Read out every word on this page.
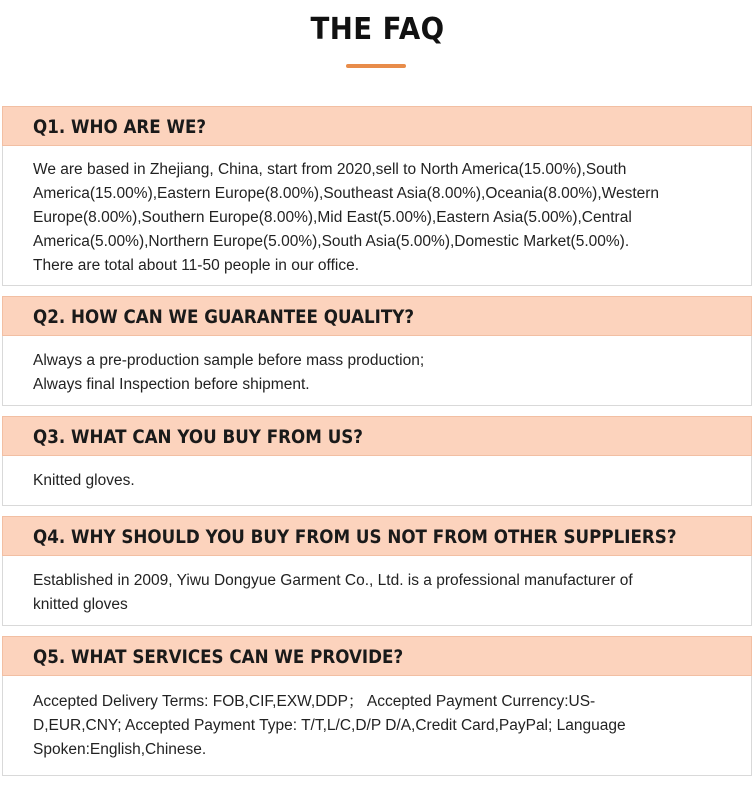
THE FAQ
Q1. WHO ARE WE?
We are based in Zhejiang, China, start from 2020,sell to North America(15.00%),South
America(15.00%),Eastern Europe(8.00%),Southeast Asia(8.00%),Oceania(8.00%),Western
Europe(8.00%),Southern Europe(8.00%),Mid East(5.00%),Eastern Asia(5.00%),Central
America(5.00%),Northern Europe(5.00%),South Asia(5.00%),Domestic Market(5.00%).
There are total about 11-50 people in our office.
Q2. HOW CAN WE GUARANTEE QUALITY?
Always a pre-production sample before mass production;
Always final Inspection before shipment.
Q3. WHAT CAN YOU BUY FROM US?
Knitted gloves.
Q4. WHY SHOULD YOU BUY FROM US NOT FROM OTHER SUPPLIERS?
Established in 2009, Yiwu Dongyue Garment Co., Ltd. is a professional manufacturer of
knitted gloves
Q5. WHAT SERVICES CAN WE PROVIDE?
Accepted Delivery Terms: FOB,CIF,EXW,DDP； Accepted Payment Currency:US-
D,EUR,CNY; Accepted Payment Type: T/T,L/C,D/P D/A,Credit Card,PayPal; Language
Spoken:English,Chinese.
